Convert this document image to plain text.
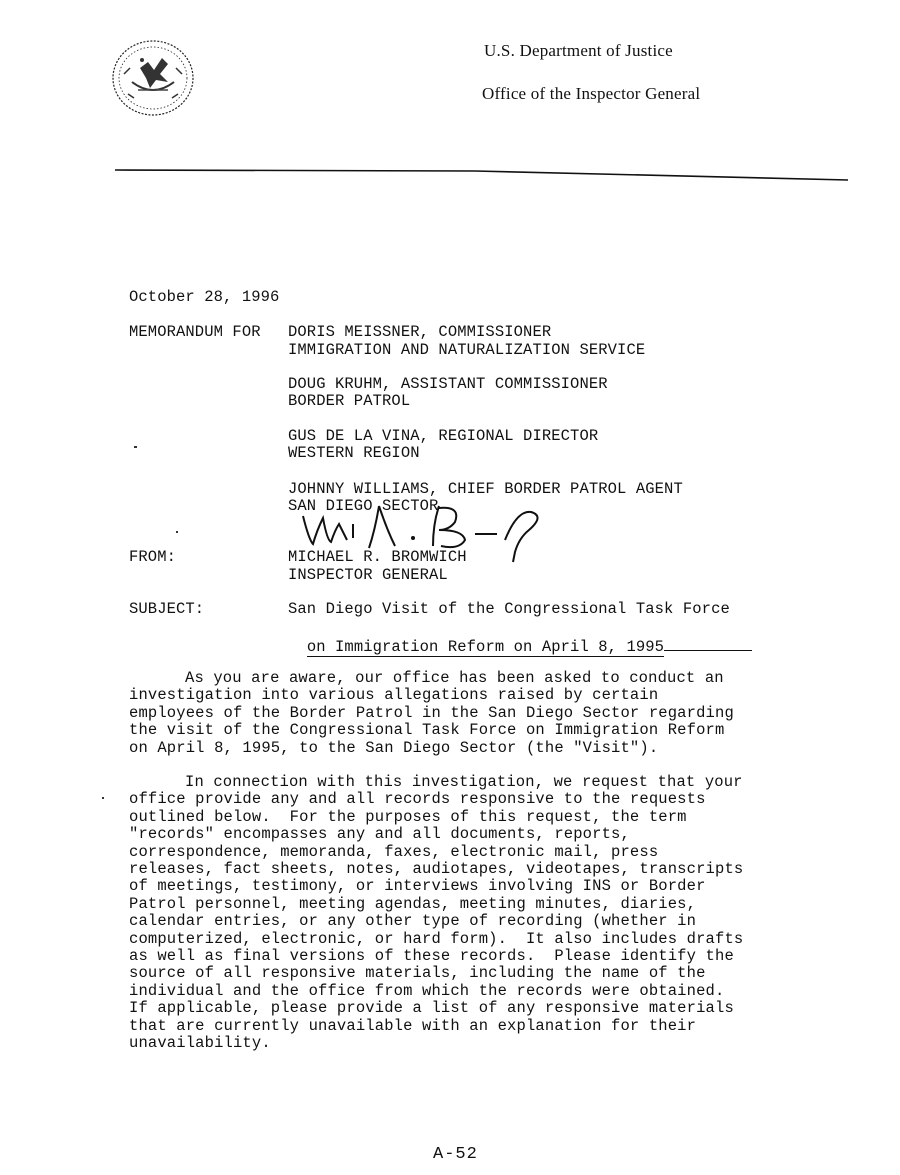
U.S. Department of Justice
Office of the Inspector General
October 28, 1996
MEMORANDUM FOR DORIS MEISSNER, COMMISSIONER
IMMIGRATION AND NATURALIZATION SERVICE
DOUG KRUHM, ASSISTANT COMMISSIONER
BORDER PATROL
GUS DE LA VINA, REGIONAL DIRECTOR
WESTERN REGION
JOHNNY WILLIAMS, CHIEF BORDER PATROL AGENT
SAN DIEGO SECTOR
FROM:	MICHAEL R. BROMWICH
INSPECTOR GENERAL
SUBJECT:	San Diego Visit of the Congressional Task Force

on Immigration Reform on April 8, 1995

As you are aware, our office has been asked to conduct an
investigation into various allegations raised by certain
employees of the Border Patrol in the San Diego Sector regarding
the visit of the Congressional Task Force on Immigration Reform
on April 8, 1995, to the San Diego Sector (the "Visit").
In connection with this investigation, we request that your
office provide any and all records responsive to the requests
outlined below.  For the purposes of this request, the term
"records" encompasses any and all documents, reports,
correspondence, memoranda, faxes, electronic mail, press
releases, fact sheets, notes, audiotapes, videotapes, transcripts
of meetings, testimony, or interviews involving INS or Border
Patrol personnel, meeting agendas, meeting minutes, diaries,
calendar entries, or any other type of recording (whether in
computerized, electronic, or hard form).  It also includes drafts
as well as final versions of these records.  Please identify the
source of all responsive materials, including the name of the
individual and the office from which the records were obtained.
If applicable, please provide a list of any responsive materials
that are currently unavailable with an explanation for their
unavailability.
A-52
